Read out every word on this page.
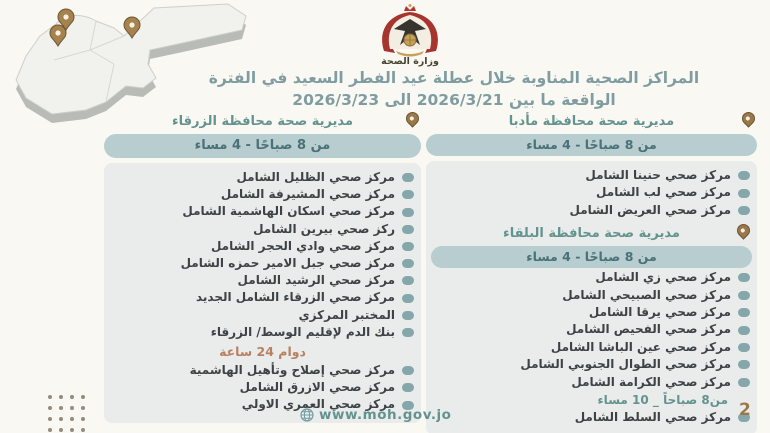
وزارة الصحة
المراكز الصحية المناوبة خلال عطلة عيد الفطر السعيد في الفترة
الواقعة ما بين 2026/3/21 الى 2026/3/23
مديرية صحة محافظة الزرقاء
من 8 صباحًا - 4 مساء
مركز صحي الظليل الشامل
مركز صحي المشيرفة الشامل
مركز صحي اسكان الهاشمية الشامل
ركز صحي بيرين الشامل
مركز صحي وادي الحجر الشامل
مركز صحي جبل الامير حمزه الشامل
مركز صحي الرشيد الشامل
مركز صحي الزرقاء الشامل الجديد
المختبر المركزي
بنك الدم لإقليم الوسط/ الزرقاء
دوام 24 ساعة
مركز صحي إصلاح وتأهيل الهاشمية
مركز صحي الازرق الشامل
مركز صحي العمري الاولي
مديرية صحة محافظة مأدبا
من 8 صباحًا - 4 مساء
مركز صحي حنينا الشامل
مركز صحي لب الشامل
مركز صحي العريض الشامل
مديرية صحة محافظة البلقاء
من 8 صباحًا - 4 مساء
مركز صحي زي الشامل
مركز صحي الصبيحي الشامل
مركز صحي يرقا الشامل
مركز صحي الفحيص الشامل
مركز صحي عين الباشا الشامل
مركز صحي الطوال الجنوبي الشامل
مركز صحي الكرامة الشامل
من8 صباحاً _ 10 مساء
مركز صحي السلط الشامل
www.moh.gov.jo	2
